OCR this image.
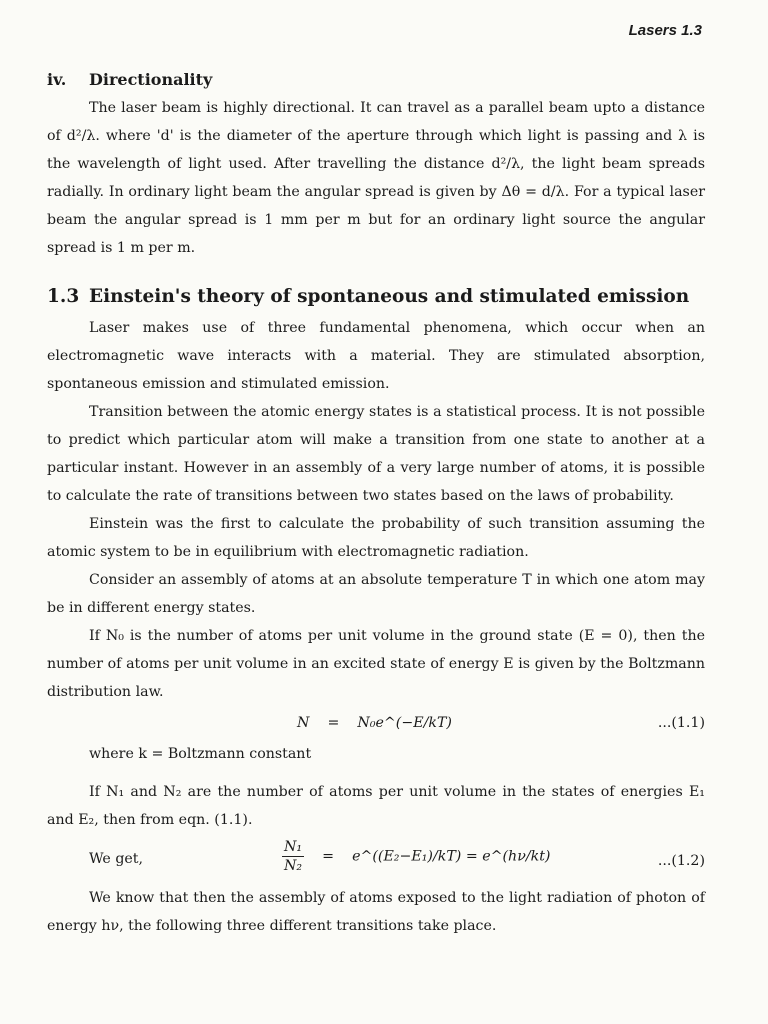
Lasers 1.3
iv. Directionality

The laser beam is highly directional. It can travel as a parallel beam upto a distance of d²/λ. where 'd' is the diameter of the aperture through which light is passing and λ is the wavelength of light used. After travelling the distance d²/λ, the light beam spreads radially. In ordinary light beam the angular spread is given by Δθ = d/λ. For a typical laser beam the angular spread is 1 mm per m but for an ordinary light source the angular spread is 1 m per m.

1.3 Einstein's theory of spontaneous and stimulated emission

Laser makes use of three fundamental phenomena, which occur when an electromagnetic wave interacts with a material. They are stimulated absorption, spontaneous emission and stimulated emission.

Transition between the atomic energy states is a statistical process. It is not possible to predict which particular atom will make a transition from one state to another at a particular instant. However in an assembly of a very large number of atoms, it is possible to calculate the rate of transitions between two states based on the laws of probability.

Einstein was the first to calculate the probability of such transition assuming the atomic system to be in equilibrium with electromagnetic radiation.

Consider an assembly of atoms at an absolute temperature T in which one atom may be in different energy states.

If N₀ is the number of atoms per unit volume in the ground state (E = 0), then the number of atoms per unit volume in an excited state of energy E is given by the Boltzmann distribution law.

N = N₀e^(−E/kT)	...(1.1)

where k = Boltzmann constant

If N₁ and N₂ are the number of atoms per unit volume in the states of energies E₁ and E₂, then from eqn. (1.1).

We get,	$\frac{\text{N₁}}{\text{N₂}}$ = e^((E₂−E₁)/kT) = e^(hν/kt)	...(1.2)

We know that then the assembly of atoms exposed to the light radiation of photon of energy hν, the following three different transitions take place.
